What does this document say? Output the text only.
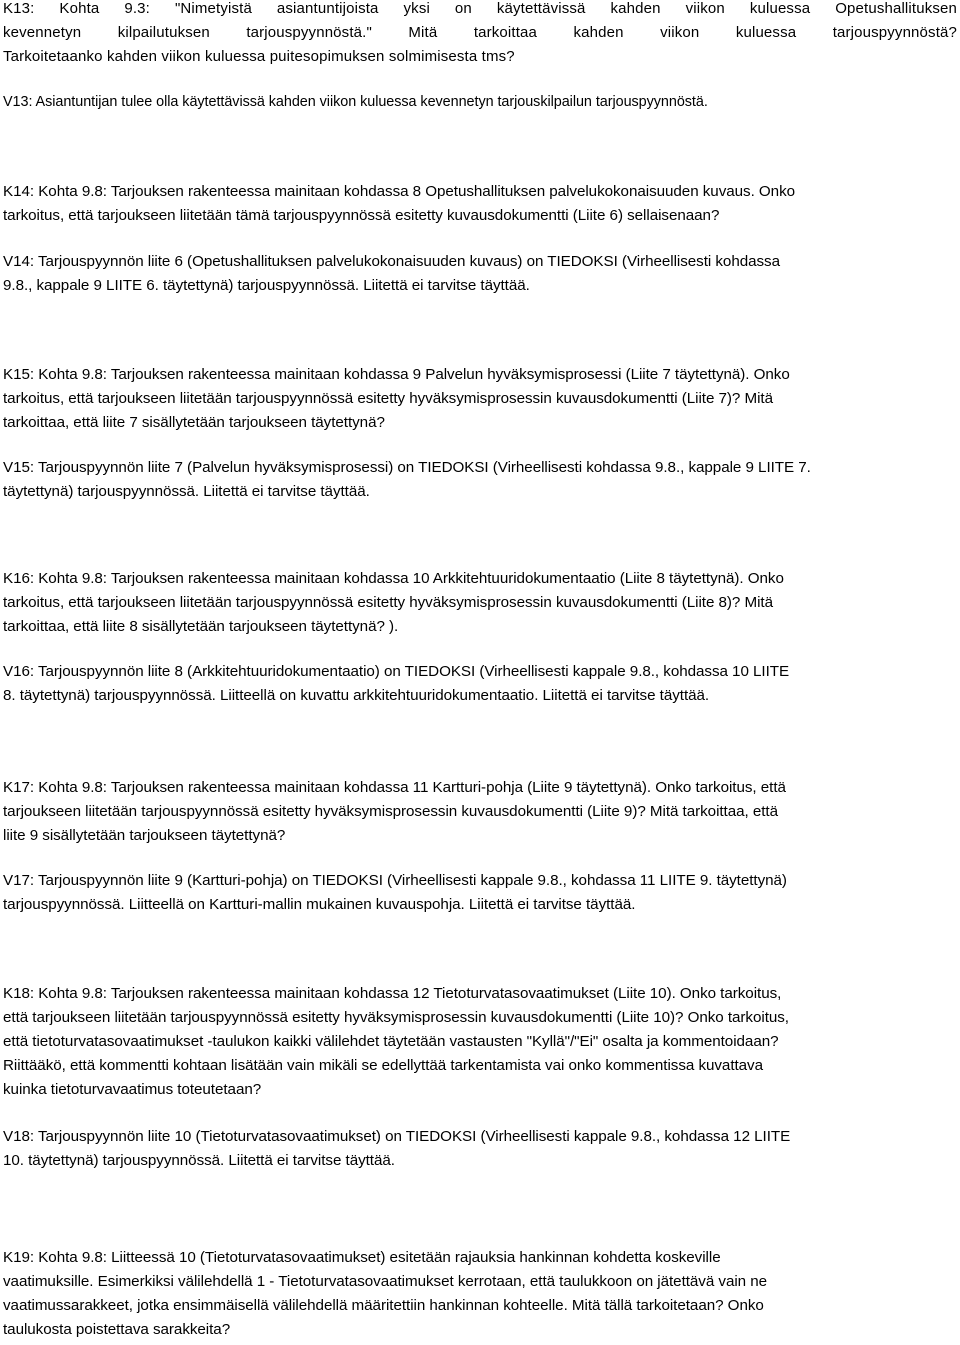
K13: Kohta 9.3: "Nimetyistä asiantuntijoista yksi on käytettävissä kahden viikon kuluessa Opetushallituksen
kevennetyn kilpailutuksen tarjouspyynnöstä." Mitä tarkoittaa kahden viikon kuluessa tarjouspyynnöstä?
Tarkoitetaanko kahden viikon kuluessa puitesopimuksen solmimisesta tms?
V13: Asiantuntijan tulee olla käytettävissä kahden viikon kuluessa kevennetyn tarjouskilpailun tarjouspyynnöstä.
K14: Kohta 9.8: Tarjouksen rakenteessa mainitaan kohdassa 8 Opetushallituksen palvelukokonaisuuden kuvaus. Onko
tarkoitus, että tarjoukseen liitetään tämä tarjouspyynnössä esitetty kuvausdokumentti (Liite 6) sellaisenaan?
V14: Tarjouspyynnön liite 6 (Opetushallituksen palvelukokonaisuuden kuvaus) on TIEDOKSI (Virheellisesti kohdassa
9.8., kappale 9 LIITE 6. täytettynä) tarjouspyynnössä. Liitettä ei tarvitse täyttää.
K15: Kohta 9.8: Tarjouksen rakenteessa mainitaan kohdassa 9 Palvelun hyväksymisprosessi (Liite 7 täytettynä). Onko
tarkoitus, että tarjoukseen liitetään tarjouspyynnössä esitetty hyväksymisprosessin kuvausdokumentti (Liite 7)? Mitä
tarkoittaa, että liite 7 sisällytetään tarjoukseen täytettynä?
V15: Tarjouspyynnön liite 7 (Palvelun hyväksymisprosessi) on TIEDOKSI (Virheellisesti kohdassa 9.8., kappale 9 LIITE 7.
täytettynä) tarjouspyynnössä. Liitettä ei tarvitse täyttää.
K16: Kohta 9.8: Tarjouksen rakenteessa mainitaan kohdassa 10 Arkkitehtuuridokumentaatio (Liite 8 täytettynä). Onko
tarkoitus, että tarjoukseen liitetään tarjouspyynnössä esitetty hyväksymisprosessin kuvausdokumentti (Liite 8)? Mitä
tarkoittaa, että liite 8 sisällytetään tarjoukseen täytettynä? ).
V16: Tarjouspyynnön liite 8 (Arkkitehtuuridokumentaatio) on TIEDOKSI (Virheellisesti kappale 9.8., kohdassa 10 LIITE
8. täytettynä) tarjouspyynnössä. Liitteellä on kuvattu arkkitehtuuridokumentaatio. Liitettä ei tarvitse täyttää.
K17: Kohta 9.8: Tarjouksen rakenteessa mainitaan kohdassa 11 Kartturi-pohja (Liite 9 täytettynä). Onko tarkoitus, että
tarjoukseen liitetään tarjouspyynnössä esitetty hyväksymisprosessin kuvausdokumentti (Liite 9)? Mitä tarkoittaa, että
liite 9 sisällytetään tarjoukseen täytettynä?
V17: Tarjouspyynnön liite 9 (Kartturi-pohja) on TIEDOKSI (Virheellisesti kappale 9.8., kohdassa 11 LIITE 9. täytettynä)
tarjouspyynnössä. Liitteellä on Kartturi-mallin mukainen kuvauspohja. Liitettä ei tarvitse täyttää.
K18: Kohta 9.8: Tarjouksen rakenteessa mainitaan kohdassa 12 Tietoturvatasovaatimukset (Liite 10). Onko tarkoitus,
että tarjoukseen liitetään tarjouspyynnössä esitetty hyväksymisprosessin kuvausdokumentti (Liite 10)? Onko tarkoitus,
että tietoturvatasovaatimukset -taulukon kaikki välilehdet täytetään vastausten "Kyllä"/"Ei" osalta ja kommentoidaan?
Riittääkö, että kommentti kohtaan lisätään vain mikäli se edellyttää tarkentamista vai onko kommentissa kuvattava
kuinka tietoturvavaatimus toteutetaan?
V18: Tarjouspyynnön liite 10 (Tietoturvatasovaatimukset) on TIEDOKSI (Virheellisesti kappale 9.8., kohdassa 12 LIITE
10. täytettynä) tarjouspyynnössä. Liitettä ei tarvitse täyttää.
K19: Kohta 9.8: Liitteessä 10 (Tietoturvatasovaatimukset) esitetään rajauksia hankinnan kohdetta koskeville
vaatimuksille. Esimerkiksi välilehdellä 1 - Tietoturvatasovaatimukset kerrotaan, että taulukkoon on jätettävä vain ne
vaatimussarakkeet, jotka ensimmäisellä välilehdellä määritettiin hankinnan kohteelle. Mitä tällä tarkoitetaan? Onko
taulukosta poistettava sarakkeita?
